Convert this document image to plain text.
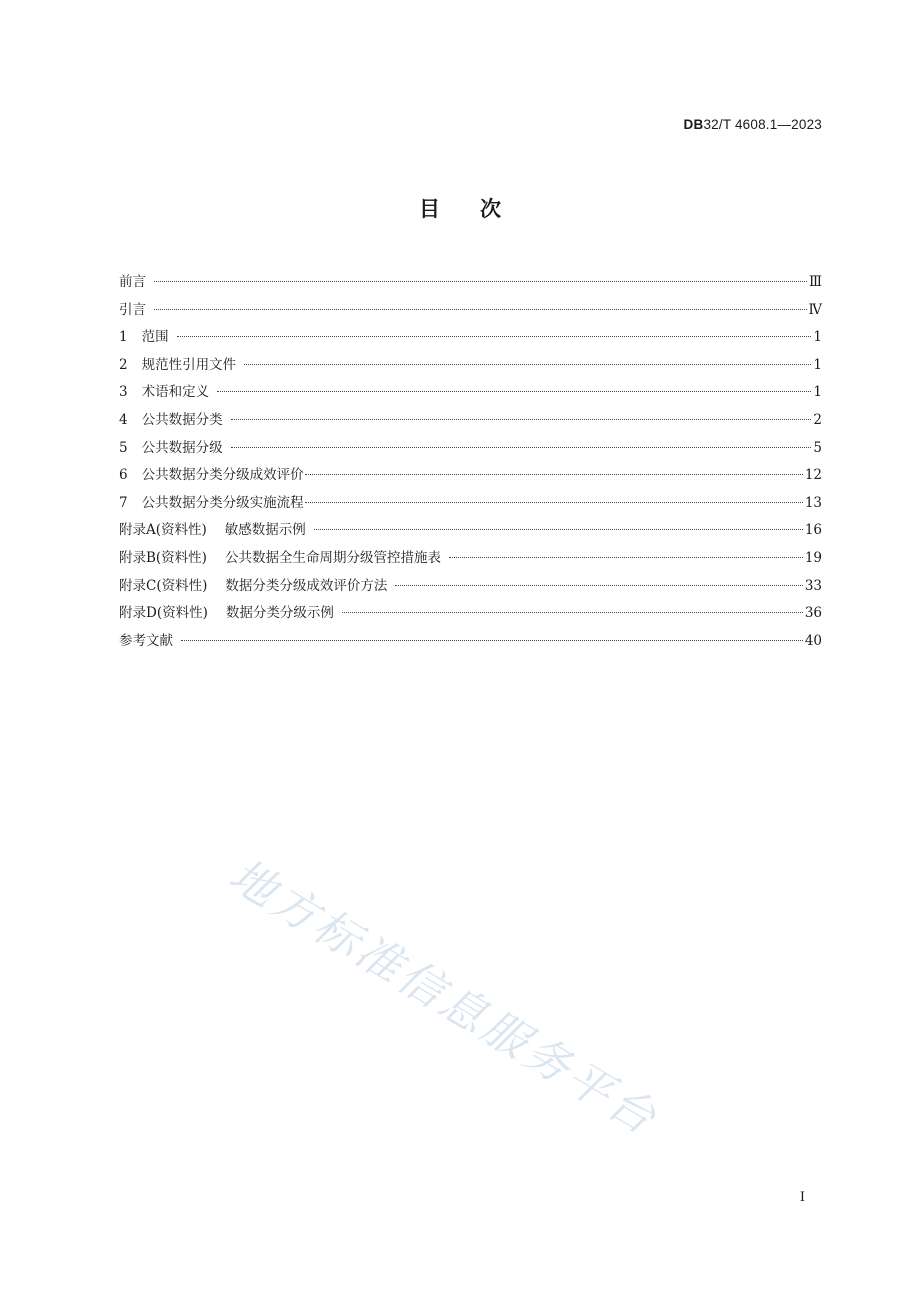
DB32/T 4608.1—2023
目次
前言	Ⅲ
引言	Ⅳ
1 范围	1
2 规范性引用文件	1
3 术语和定义	1
4 公共数据分类	2
5 公共数据分级	5
6 公共数据分类分级成效评价	12
7 公共数据分类分级实施流程	13
附录A(资料性) 敏感数据示例	16
附录B(资料性) 公共数据全生命周期分级管控措施表	19
附录C(资料性) 数据分类分级成效评价方法	33
附录D(资料性) 数据分类分级示例	36
参考文献	40
地方标准信息服务平台
I
